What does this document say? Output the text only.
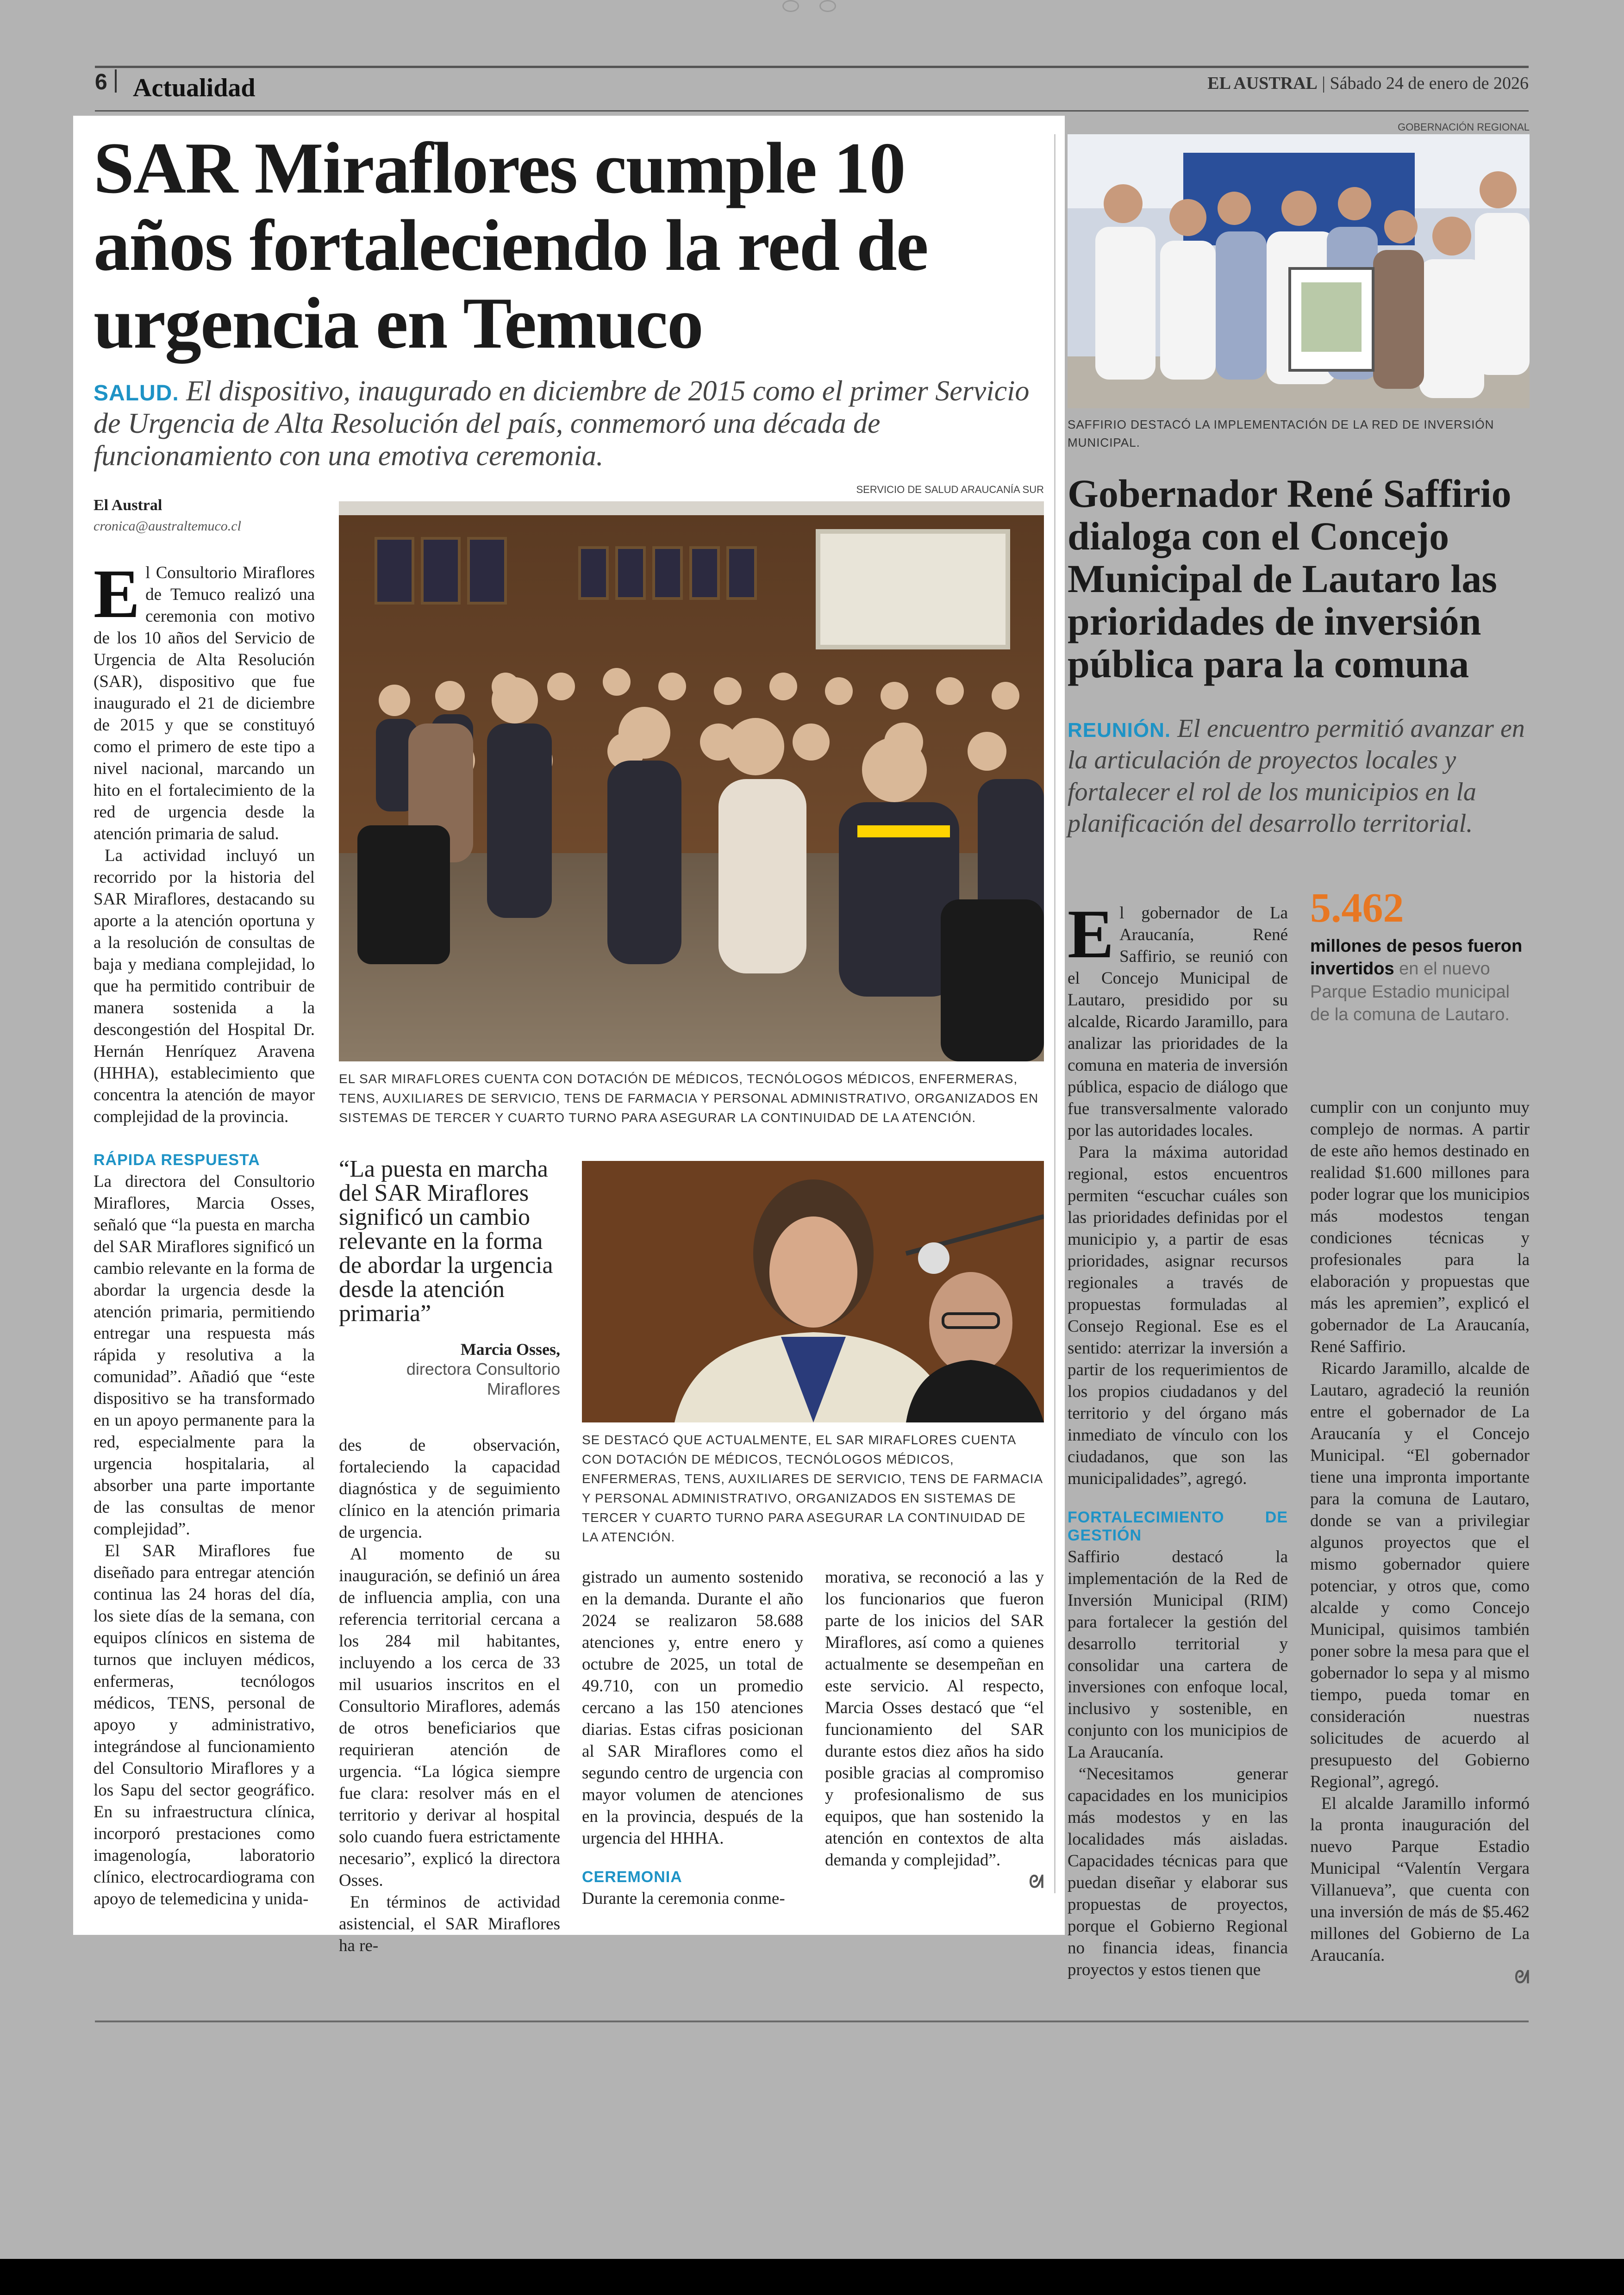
6 Actualidad	EL AUSTRAL | Sábado 24 de enero de 2026
SAR Miraflores cumple 10 años fortaleciendo la red de urgencia en Temuco
SALUD. El dispositivo, inaugurado en diciembre de 2015 como el primer Servicio de Urgencia de Alta Resolución del país, conmemoró una década de funcionamiento con una emotiva ceremonia.
SERVICIO DE SALUD ARAUCANÍA SUR
El Austral
cronica@australtemuco.cl
EL SAR MIRAFLORES CUENTA CON DOTACIÓN DE MÉDICOS, TECNÓLOGOS MÉDICOS, ENFERMERAS, TENS, AUXILIARES DE SERVICIO, TENS DE FARMACIA Y PERSONAL ADMINISTRATIVO, ORGANIZADOS EN SISTEMAS DE TERCER Y CUARTO TURNO PARA ASEGURAR LA CONTINUIDAD DE LA ATENCIÓN.

El Consultorio Miraflores de Temuco realizó una ceremonia con motivo de los 10 años del Servicio de Urgencia de Alta Resolución (SAR), dispositivo que fue inaugurado el 21 de diciembre de 2015 y que se constituyó como el primero de este tipo a nivel nacional, marcando un hito en el fortalecimiento de la red de urgencia desde la atención primaria de salud.

La actividad incluyó un recorrido por la historia del SAR Miraflores, destacando su aporte a la atención oportuna y a la resolución de consultas de baja y mediana complejidad, lo que ha permitido contribuir de manera sostenida a la descongestión del Hospital Dr. Hernán Henríquez Aravena (HHHA), establecimiento que concentra la atención de mayor complejidad de la provincia.

RÁPIDA RESPUESTA

La directora del Consultorio Miraflores, Marcia Osses, señaló que “la puesta en marcha del SAR Miraflores significó un cambio relevante en la forma de abordar la urgencia desde la atención primaria, permitiendo entregar una respuesta más rápida y resolutiva a la comunidad”. Añadió que “este dispositivo se ha transformado en un apoyo permanente para la red, especialmente para la urgencia hospitalaria, al absorber una parte importante de las consultas de menor complejidad”.

El SAR Miraflores fue diseñado para entregar atención continua las 24 horas del día, los siete días de la semana, con equipos clínicos en sistema de turnos que incluyen médicos, enfermeras, tecnólogos médicos, TENS, personal de apoyo y administrativo, integrándose al funcionamiento del Consultorio Miraflores y a los Sapu del sector geográfico. En su infraestructura clínica, incorporó prestaciones como imagenología, laboratorio clínico, electrocardiograma con apoyo de telemedicina y unida-

“La puesta en marcha del SAR Miraflores significó un cambio relevante en la forma de abordar la urgencia desde la atención primaria”
Marcia Osses,
directora Consultorio Miraflores
SE DESTACÓ QUE ACTUALMENTE, EL SAR MIRAFLORES CUENTA CON DOTACIÓN DE MÉDICOS, TECNÓLOGOS MÉDICOS, ENFERMERAS, TENS, AUXILIARES DE SERVICIO, TENS DE FARMACIA Y PERSONAL ADMINISTRATIVO, ORGANIZADOS EN SISTEMAS DE TERCER Y CUARTO TURNO PARA ASEGURAR LA CONTINUIDAD DE LA ATENCIÓN.

des de observación, fortaleciendo la capacidad diagnóstica y de seguimiento clínico en la atención primaria de urgencia.

Al momento de su inauguración, se definió un área de influencia amplia, con una referencia territorial cercana a los 284 mil habitantes, incluyendo a los cerca de 33 mil usuarios inscritos en el Consultorio Miraflores, además de otros beneficiarios que requirieran atención de urgencia. “La lógica siempre fue clara: resolver más en el territorio y derivar al hospital solo cuando fuera estrictamente necesario”, explicó la directora Osses.

En términos de actividad asistencial, el SAR Miraflores ha re-

gistrado un aumento sostenido en la demanda. Durante el año 2024 se realizaron 58.688 atenciones y, entre enero y octubre de 2025, un total de 49.710, con un promedio cercano a las 150 atenciones diarias. Estas cifras posicionan al SAR Miraflores como el segundo centro de urgencia con mayor volumen de atenciones en la provincia, después de la urgencia del HHHA.

CEREMONIA

Durante la ceremonia conme-

morativa, se reconoció a las y los funcionarios que fueron parte de los inicios del SAR Miraflores, así como a quienes actualmente se desempeñan en este servicio. Al respecto, Marcia Osses destacó que “el funcionamiento del SAR durante estos diez años ha sido posible gracias al compromiso y profesionalismo de sus equipos, que han sostenido la atención en contextos de alta demanda y complejidad”.

ᘛ
GOBERNACIÓN REGIONAL
SAFFIRIO DESTACÓ LA IMPLEMENTACIÓN DE LA RED DE INVERSIÓN MUNICIPAL.
Gobernador René Saffirio dialoga con el Concejo Municipal de Lautaro las prioridades de inversión pública para la comuna
REUNIÓN. El encuentro permitió avanzar en la articulación de proyectos locales y fortalecer el rol de los municipios en la planificación del desarrollo territorial.
5.462
millones de pesos fueron invertidos en el nuevo Parque Estadio municipal de la comuna de Lautaro.

El gobernador de La Araucanía, René Saffirio, se reunió con el Concejo Municipal de Lautaro, presidido por su alcalde, Ricardo Jaramillo, para analizar las prioridades de la comuna en materia de inversión pública, espacio de diálogo que fue transversalmente valorado por las autoridades locales.

Para la máxima autoridad regional, estos encuentros permiten “escuchar cuáles son las prioridades definidas por el municipio y, a partir de esas prioridades, asignar recursos regionales a través de propuestas formuladas al Consejo Regional. Ese es el sentido: aterrizar la inversión a partir de los requerimientos de los propios ciudadanos y del territorio y del órgano más inmediato de vínculo con los ciudadanos, que son las municipalidades”, agregó.

FORTALECIMIENTO DE GESTIÓN

Saffirio destacó la implementación de la Red de Inversión Municipal (RIM) para fortalecer la gestión del desarrollo territorial y consolidar una cartera de inversiones con enfoque local, inclusivo y sostenible, en conjunto con los municipios de La Araucanía.

“Necesitamos generar capacidades en los municipios más modestos y en las localidades más aisladas. Capacidades técnicas para que puedan diseñar y elaborar sus propuestas de proyectos, porque el Gobierno Regional no financia ideas, financia proyectos y estos tienen que

cumplir con un conjunto muy complejo de normas. A partir de este año hemos destinado en realidad $1.600 millones para poder lograr que los municipios más modestos tengan condiciones técnicas y profesionales para la elaboración y propuestas que más les apremien”, explicó el gobernador de La Araucanía, René Saffirio.

Ricardo Jaramillo, alcalde de Lautaro, agradeció la reunión entre el gobernador de La Araucanía y el Concejo Municipal. “El gobernador tiene una impronta importante para la comuna de Lautaro, donde se van a privilegiar algunos proyectos que el mismo gobernador quiere potenciar, y otros que, como alcalde y como Concejo Municipal, quisimos también poner sobre la mesa para que el gobernador lo sepa y al mismo tiempo, pueda tomar en consideración nuestras solicitudes de acuerdo al presupuesto del Gobierno Regional”, agregó.

El alcalde Jaramillo informó la pronta inauguración del nuevo Parque Estadio Municipal “Valentín Vergara Villanueva”, que cuenta con una inversión de más de $5.462 millones del Gobierno de La Araucanía.

ᘛ
